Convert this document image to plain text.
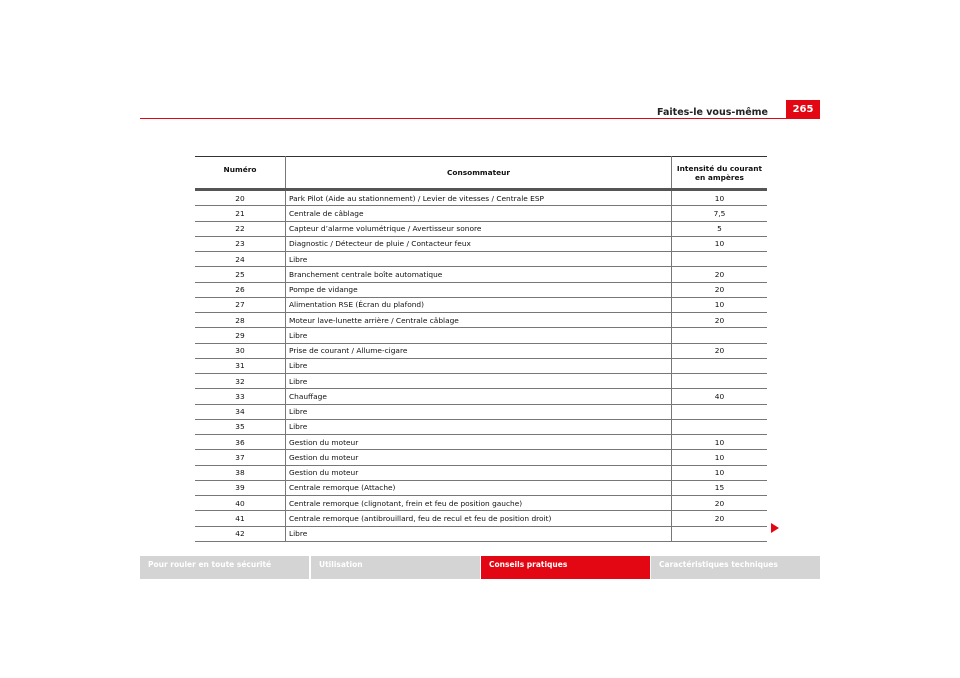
Faites-le vous-même	265
Numéro	Consommateur	Intensité du courant en ampères
20	Park Pilot (Aide au stationnement) / Levier de vitesses / Centrale ESP	10
21	Centrale de câblage	7,5
22	Capteur d’alarme volumétrique / Avertisseur sonore	5
23	Diagnostic / Détecteur de pluie / Contacteur feux	10
24	Libre	
25	Branchement centrale boîte automatique	20
26	Pompe de vidange	20
27	Alimentation RSE (Écran du plafond)	10
28	Moteur lave-lunette arrière / Centrale câblage	20
29	Libre	
30	Prise de courant / Allume-cigare	20
31	Libre	
32	Libre	
33	Chauffage	40
34	Libre	
35	Libre	
36	Gestion du moteur	10
37	Gestion du moteur	10
38	Gestion du moteur	10
39	Centrale remorque (Attache)	15
40	Centrale remorque (clignotant, frein et feu de position gauche)	20
41	Centrale remorque (antibrouillard, feu de recul et feu de position droit)	20
42	Libre	
Pour rouler en toute sécurité	Utilisation	Conseils pratiques	Caractéristiques techniques
